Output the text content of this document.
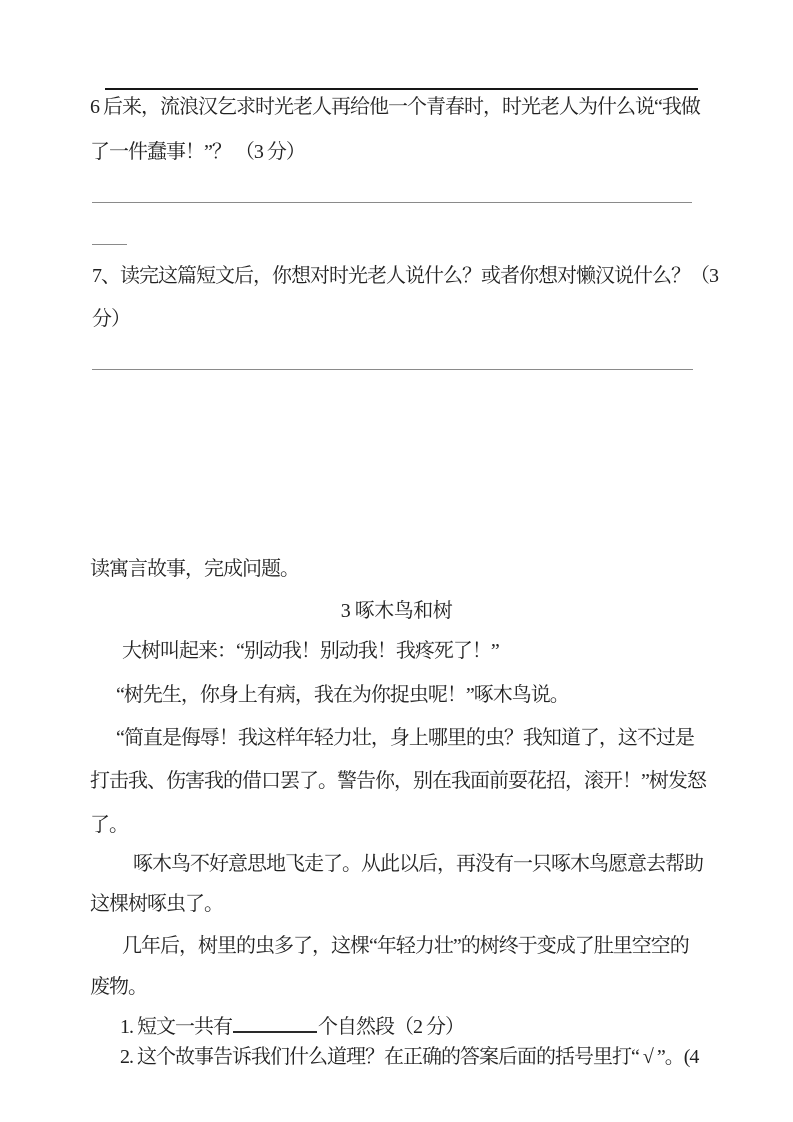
6 后来，流浪汉乞求时光老人再给他一个青春时，时光老人为什么说“我做
了一件蠢事！”？ （3 分）
7、读完这篇短文后，你想对时光老人说什么？或者你想对懒汉说什么？（3
分）
读寓言故事，完成问题。
3 啄木鸟和树
大树叫起来：“别动我！别动我！我疼死了！”
“树先生，你身上有病，我在为你捉虫呢！”啄木鸟说。
“简直是侮辱！我这样年轻力壮，身上哪里的虫？我知道了，这不过是
打击我、伤害我的借口罢了。警告你，别在我面前耍花招，滚开！”树发怒
了。
啄木鸟不好意思地飞走了。从此以后，再没有一只啄木鸟愿意去帮助
这棵树啄虫了。
几年后，树里的虫多了，这棵“年轻力壮”的树终于变成了肚里空空的
废物。
1. 短文一共有	个自然段（2 分）
2. 这个故事告诉我们什么道理？在正确的答案后面的括号里打“ √ ”。(4
